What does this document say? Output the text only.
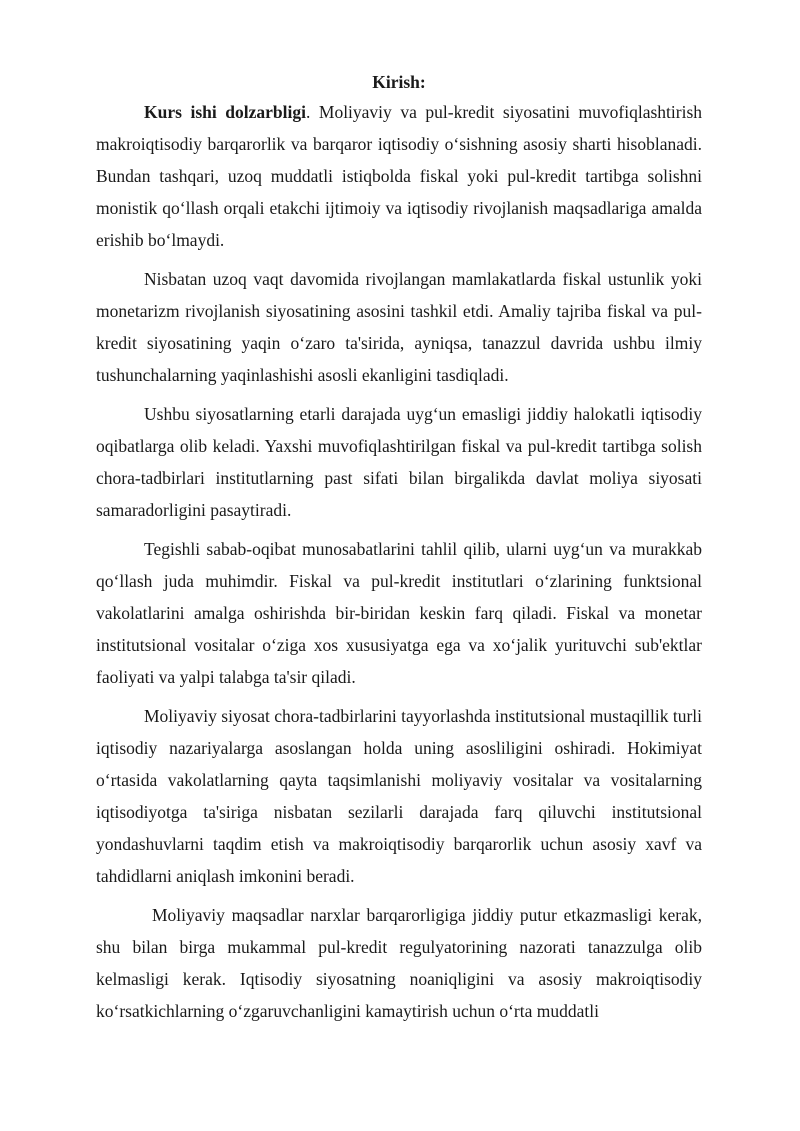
Kirish:

Kurs ishi dolzarbligi. Moliyaviy va pul-kredit siyosatini muvofiqlashtirish makroiqtisodiy barqarorlik va barqaror iqtisodiy o‘sishning asosiy sharti hisoblanadi. Bundan tashqari, uzoq muddatli istiqbolda fiskal yoki pul-kredit tartibga solishni monistik qo‘llash orqali etakchi ijtimoiy va iqtisodiy rivojlanish maqsadlariga amalda erishib bo‘lmaydi.

Nisbatan uzoq vaqt davomida rivojlangan mamlakatlarda fiskal ustunlik yoki monetarizm rivojlanish siyosatining asosini tashkil etdi. Amaliy tajriba fiskal va pul-kredit siyosatining yaqin o‘zaro ta'sirida, ayniqsa, tanazzul davrida ushbu ilmiy tushunchalarning yaqinlashishi asosli ekanligini tasdiqladi.

Ushbu siyosatlarning etarli darajada uyg‘un emasligi jiddiy halokatli iqtisodiy oqibatlarga olib keladi. Yaxshi muvofiqlashtirilgan fiskal va pul-kredit tartibga solish chora-tadbirlari institutlarning past sifati bilan birgalikda davlat moliya siyosati samaradorligini pasaytiradi.

Tegishli sabab-oqibat munosabatlarini tahlil qilib, ularni uyg‘un va murakkab qo‘llash juda muhimdir. Fiskal va pul-kredit institutlari o‘zlarining funktsional vakolatlarini amalga oshirishda bir-biridan keskin farq qiladi. Fiskal va monetar institutsional vositalar o‘ziga xos xususiyatga ega va xo‘jalik yurituvchi sub'ektlar faoliyati va yalpi talabga ta'sir qiladi.

Moliyaviy siyosat chora-tadbirlarini tayyorlashda institutsional mustaqillik turli iqtisodiy nazariyalarga asoslangan holda uning asosliligini oshiradi. Hokimiyat o‘rtasida vakolatlarning qayta taqsimlanishi moliyaviy vositalar va vositalarning iqtisodiyotga ta'siriga nisbatan sezilarli darajada farq qiluvchi institutsional yondashuvlarni taqdim etish va makroiqtisodiy barqarorlik uchun asosiy xavf va tahdidlarni aniqlash imkonini beradi.

Moliyaviy maqsadlar narxlar barqarorligiga jiddiy putur etkazmasligi kerak, shu bilan birga mukammal pul-kredit regulyatorining nazorati tanazzulga olib kelmasligi kerak. Iqtisodiy siyosatning noaniqligini va asosiy makroiqtisodiy ko‘rsatkichlarning o‘zgaruvchanligini kamaytirish uchun o‘rta muddatli
